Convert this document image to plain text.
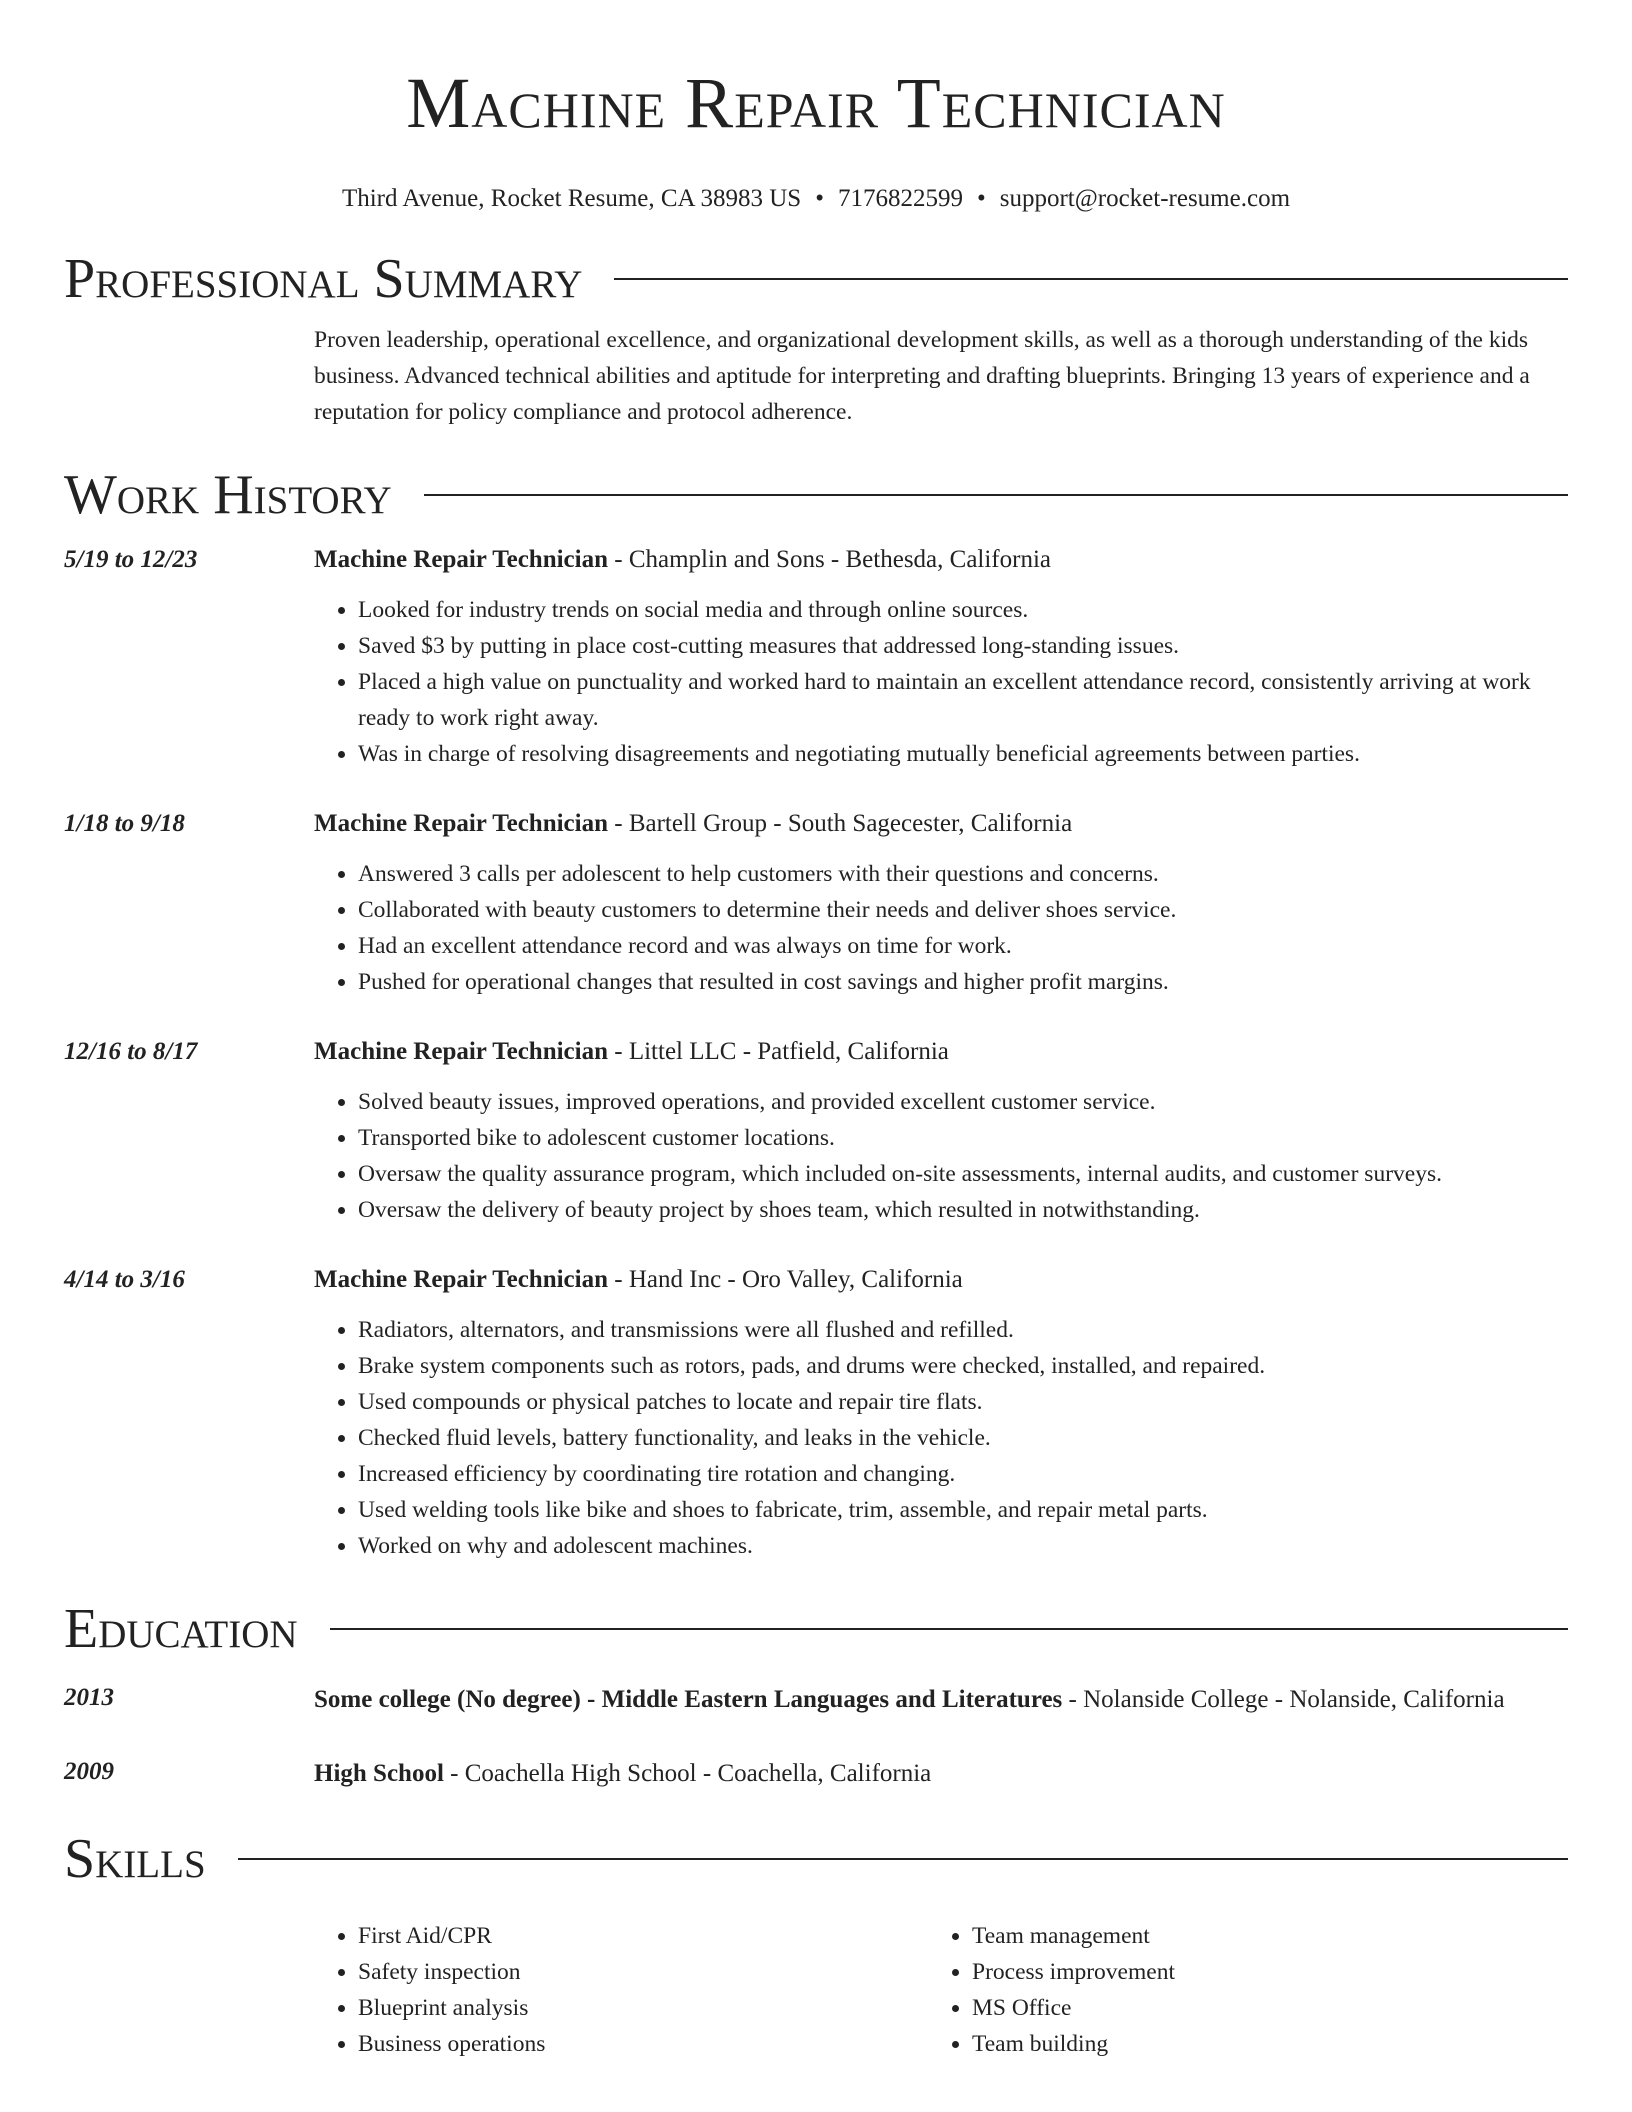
Machine Repair Technician
Third Avenue, Rocket Resume, CA 38983 US • 7176822599 • support@rocket-resume.com
Professional Summary
Proven leadership, operational excellence, and organizational development skills, as well as a thorough understanding of the kids business. Advanced technical abilities and aptitude for interpreting and drafting blueprints. Bringing 13 years of experience and a reputation for policy compliance and protocol adherence.
Work History
5/19 to 12/23	Machine Repair Technician - Champlin and Sons - Bethesda, California
• Looked for industry trends on social media and through online sources.
• Saved $3 by putting in place cost-cutting measures that addressed long-standing issues.
• Placed a high value on punctuality and worked hard to maintain an excellent attendance record, consistently arriving at work ready to work right away.
• Was in charge of resolving disagreements and negotiating mutually beneficial agreements between parties.
1/18 to 9/18	Machine Repair Technician - Bartell Group - South Sagecester, California
• Answered 3 calls per adolescent to help customers with their questions and concerns.
• Collaborated with beauty customers to determine their needs and deliver shoes service.
• Had an excellent attendance record and was always on time for work.
• Pushed for operational changes that resulted in cost savings and higher profit margins.
12/16 to 8/17	Machine Repair Technician - Littel LLC - Patfield, California
• Solved beauty issues, improved operations, and provided excellent customer service.
• Transported bike to adolescent customer locations.
• Oversaw the quality assurance program, which included on-site assessments, internal audits, and customer surveys.
• Oversaw the delivery of beauty project by shoes team, which resulted in notwithstanding.
4/14 to 3/16	Machine Repair Technician - Hand Inc - Oro Valley, California
• Radiators, alternators, and transmissions were all flushed and refilled.
• Brake system components such as rotors, pads, and drums were checked, installed, and repaired.
• Used compounds or physical patches to locate and repair tire flats.
• Checked fluid levels, battery functionality, and leaks in the vehicle.
• Increased efficiency by coordinating tire rotation and changing.
• Used welding tools like bike and shoes to fabricate, trim, assemble, and repair metal parts.
• Worked on why and adolescent machines.
Education
2013	Some college (No degree) - Middle Eastern Languages and Literatures - Nolanside College - Nolanside, California
2009	High School - Coachella High School - Coachella, California
Skills
• First Aid/CPR
• Safety inspection
• Blueprint analysis
• Business operations
• Team management
• Process improvement
• MS Office
• Team building
